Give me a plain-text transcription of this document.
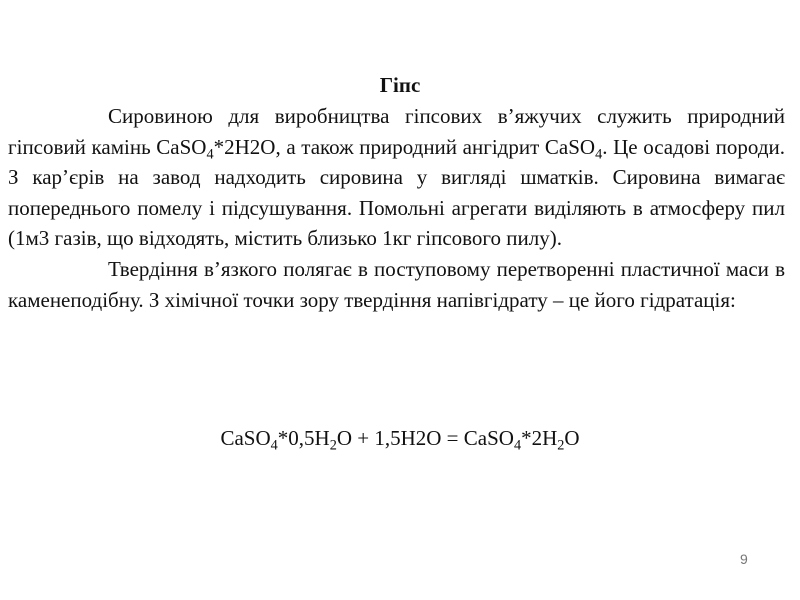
Гіпс

Сировиною для виробництва гіпсових в’яжучих служить природний гіпсовий камінь CaSO$_4$*2H2O, а також природний ангідрит CaSO$_4$. Це осадові породи. З кар’єрів на завод надходить сировина у вигляді шматків. Сировина вимагає попереднього помелу і підсушування. Помольні агрегати виділяють в атмосферу пил (1м3 газів, що відходять, містить близько 1кг гіпсового пилу).

Твердіння в’язкого полягає в поступовому перетворенні пластичної маси в каменеподібну. З хімічної точки зору твердіння напівгідрату – це його гідратація:

$CaSO_4*0,5H_2O + 1,5H2O$ = $CaSO_4*2H_2O$
9
